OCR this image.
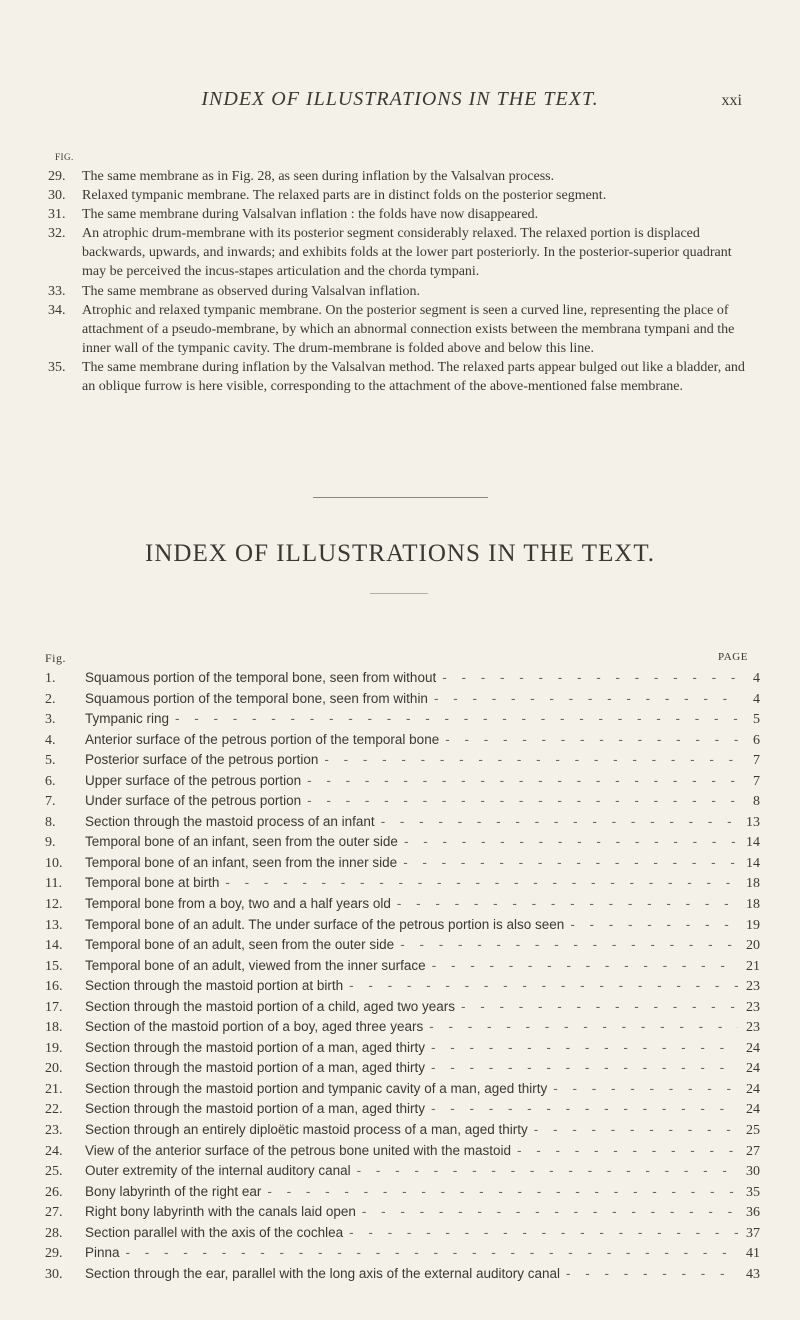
INDEX OF ILLUSTRATIONS IN THE TEXT.	xxi
FIG.
29.	The same membrane as in Fig. 28, as seen during inflation by the Valsalvan process.
30.	Relaxed tympanic membrane. The relaxed parts are in distinct folds on the posterior segment.
31.	The same membrane during Valsalvan inflation : the folds have now disappeared.
32.	An atrophic drum-membrane with its posterior segment considerably relaxed. The relaxed portion is displaced backwards, upwards, and inwards; and exhibits folds at the lower part posteriorly. In the posterior-superior quadrant may be perceived the incus-stapes articulation and the chorda tympani.
33.	The same membrane as observed during Valsalvan inflation.
34.	Atrophic and relaxed tympanic membrane. On the posterior segment is seen a curved line, representing the place of attachment of a pseudo-membrane, by which an abnormal connection exists between the membrana tympani and the inner wall of the tympanic cavity. The drum-membrane is folded above and below this line.
35.	The same membrane during inflation by the Valsalvan method. The relaxed parts appear bulged out like a bladder, and an oblique furrow is here visible, corresponding to the attachment of the above-mentioned false membrane.
INDEX OF ILLUSTRATIONS IN THE TEXT.
Fig.	PAGE
1.	Squamous portion of the temporal bone, seen from without - - -	4
2.	Squamous portion of the temporal bone, seen from within - - -	4
3.	Tympanic ring - - -	5
4.	Anterior surface of the petrous portion of the temporal bone - - -	6
5.	Posterior surface of the petrous portion - - -	7
6.	Upper surface of the petrous portion - - -	7
7.	Under surface of the petrous portion - - -	8
8.	Section through the mastoid process of an infant - - -	13
9.	Temporal bone of an infant, seen from the outer side - - -	14
10.	Temporal bone of an infant, seen from the inner side - - -	14
11.	Temporal bone at birth - - -	18
12.	Temporal bone from a boy, two and a half years old - - -	18
13.	Temporal bone of an adult. The under surface of the petrous portion is also seen - - -	19
14.	Temporal bone of an adult, seen from the outer side - - -	20
15.	Temporal bone of an adult, viewed from the inner surface - - -	21
16.	Section through the mastoid portion at birth - - -	23
17.	Section through the mastoid portion of a child, aged two years - - -	23
18.	Section of the mastoid portion of a boy, aged three years - - -	23
19.	Section through the mastoid portion of a man, aged thirty - - -	24
20.	Section through the mastoid portion of a man, aged thirty - - -	24
21.	Section through the mastoid portion and tympanic cavity of a man, aged thirty - - -	24
22.	Section through the mastoid portion of a man, aged thirty - - -	24
23.	Section through an entirely diploëtic mastoid process of a man, aged thirty - - -	25
24.	View of the anterior surface of the petrous bone united with the mastoid - - -	27
25.	Outer extremity of the internal auditory canal - - -	30
26.	Bony labyrinth of the right ear - - -	35
27.	Right bony labyrinth with the canals laid open - - -	36
28.	Section parallel with the axis of the cochlea - - -	37
29.	Pinna - - -	41
30.	Section through the ear, parallel with the long axis of the external auditory canal - - -	43
